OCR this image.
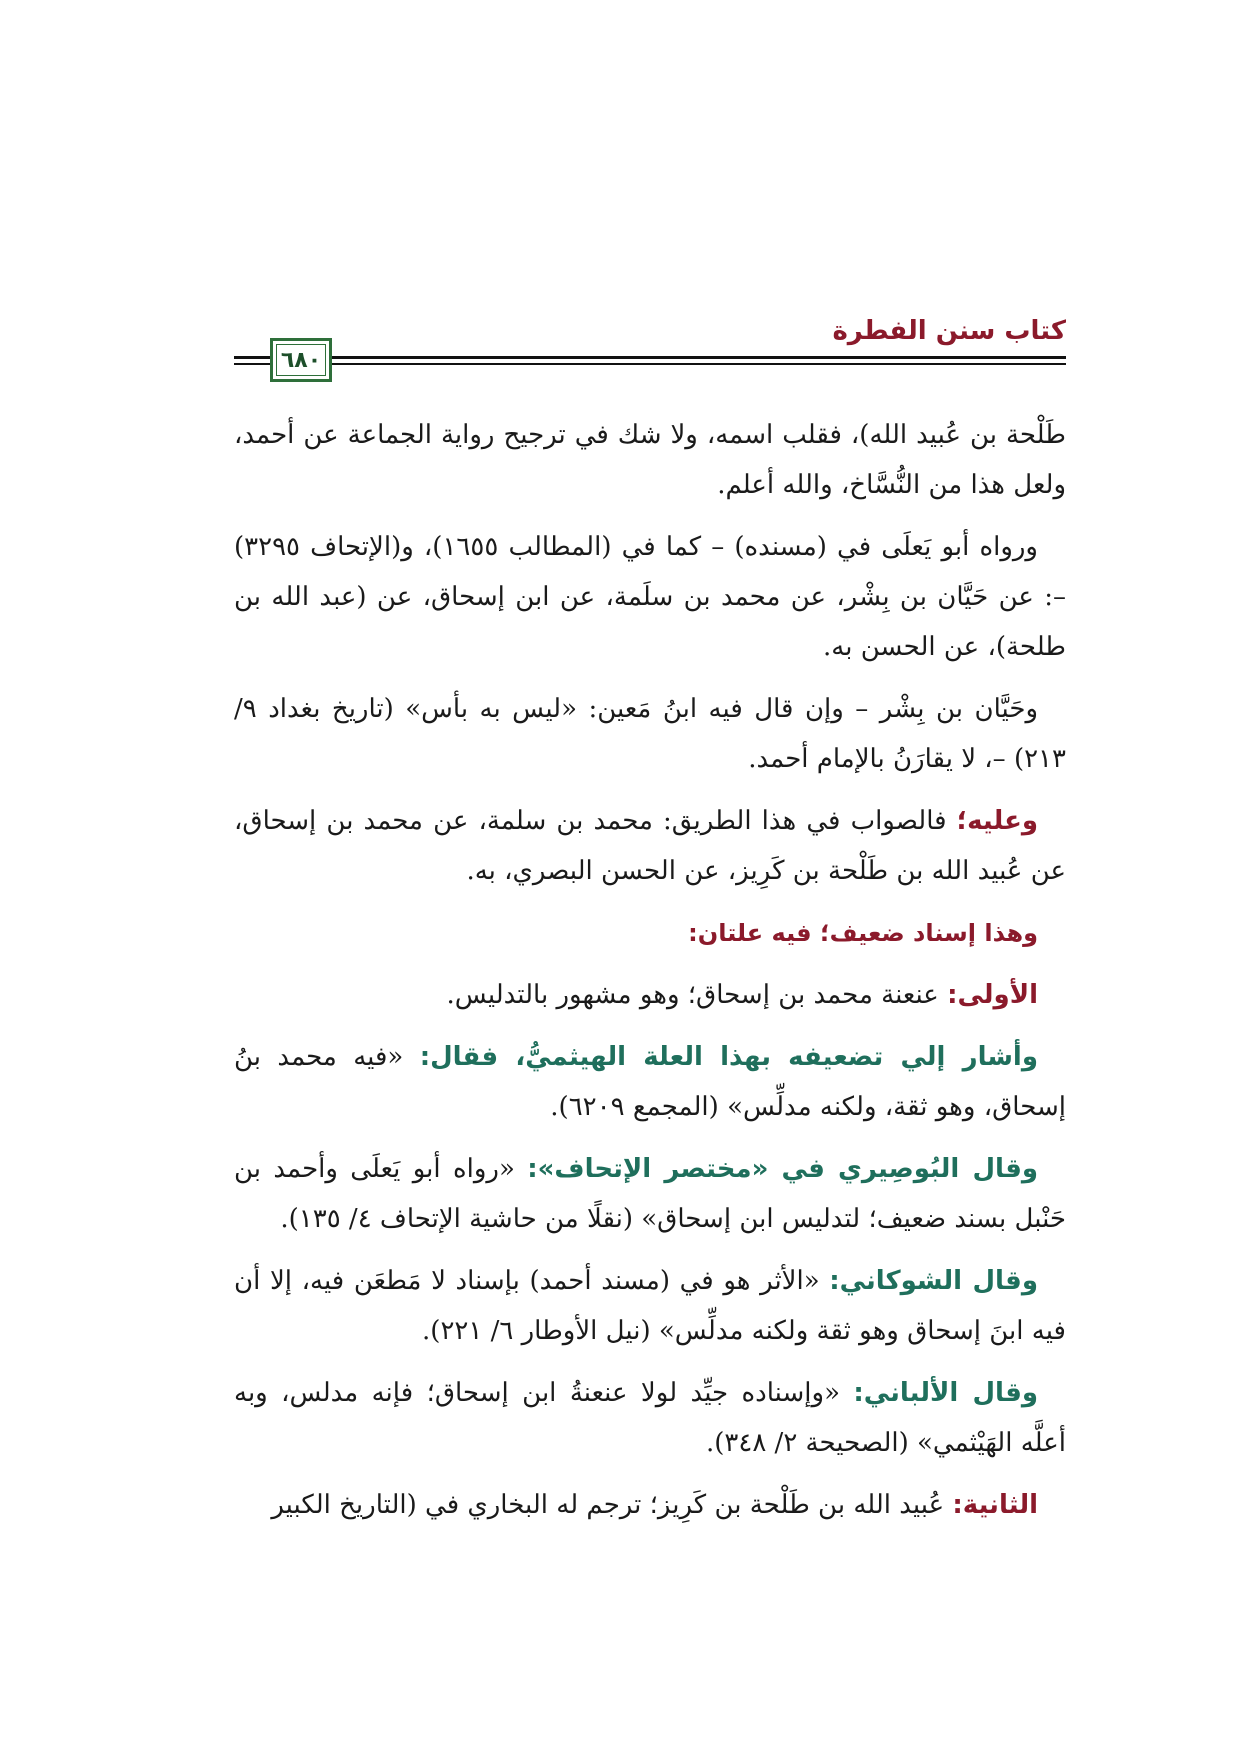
كتاب سنن الفطرة
٦٨٠

طَلْحة بن عُبيد الله)، فقلب اسمه، ولا شك في ترجيح رواية الجماعة عن أحمد، ولعل هذا من النُّسَّاخ، والله أعلم.

ورواه أبو يَعلَى في (مسنده) – كما في (المطالب ١٦٥٥)، و(الإتحاف ٣٢٩٥) –: عن حَيَّان بن بِشْر، عن محمد بن سلَمة، عن ابن إسحاق، عن (عبد الله بن طلحة)، عن الحسن به.

وحَيَّان بن بِشْر – وإن قال فيه ابنُ مَعين: «ليس به بأس» (تاريخ بغداد ٩/ ٢١٣) –، لا يقارَنُ بالإمام أحمد.

وعليه؛ فالصواب في هذا الطريق: محمد بن سلمة، عن محمد بن إسحاق، عن عُبيد الله بن طَلْحة بن كَرِيز، عن الحسن البصري، به.

وهذا إسناد ضعيف؛ فيه علتان:

الأولى: عنعنة محمد بن إسحاق؛ وهو مشهور بالتدليس.

وأشار إلي تضعيفه بهذا العلة الهيثميُّ، فقال: «فيه محمد بنُ إسحاق، وهو ثقة، ولكنه مدلِّس» (المجمع ٦٢٠٩).

وقال البُوصِيري في «مختصر الإتحاف»: «رواه أبو يَعلَى وأحمد بن حَنْبل بسند ضعيف؛ لتدليس ابن إسحاق» (نقلًا من حاشية الإتحاف ٤/ ١٣٥).

وقال الشوكاني: «الأثر هو في (مسند أحمد) بإسناد لا مَطعَن فيه، إلا أن فيه ابنَ إسحاق وهو ثقة ولكنه مدلِّس» (نيل الأوطار ٦/ ٢٢١).

وقال الألباني: «وإسناده جيِّد لولا عنعنةُ ابن إسحاق؛ فإنه مدلس، وبه أعلَّه الهَيْثمي» (الصحيحة ٢/ ٣٤٨).

الثانية: عُبيد الله بن طَلْحة بن كَرِيز؛ ترجم له البخاري في (التاريخ الكبير
